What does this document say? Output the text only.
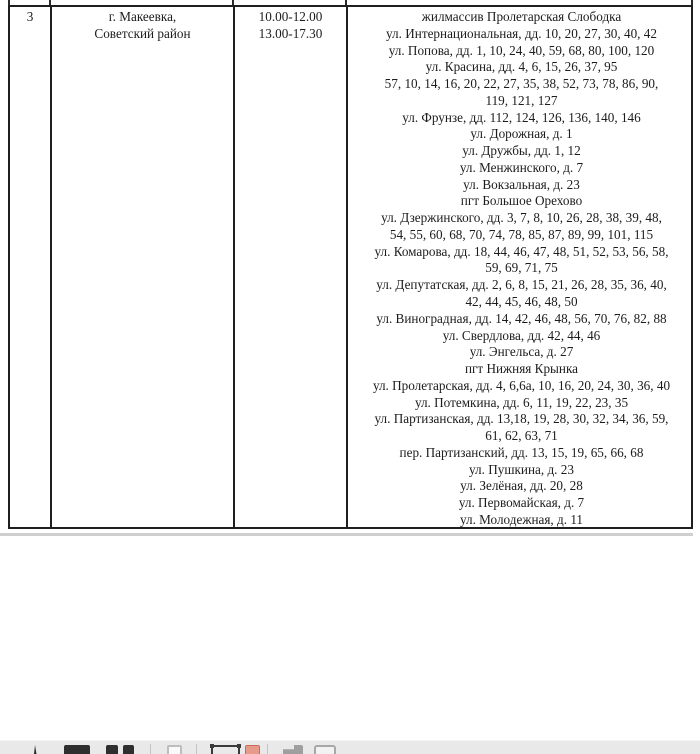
3	г. Макеевка,
Советский район
10.00-12.00
13.00-17.30
жилмассив Пролетарская Слободка
ул. Интернациональная, дд. 10, 20, 27, 30, 40, 42
ул. Попова, дд. 1, 10, 24, 40, 59, 68, 80, 100, 120
ул. Красина, дд. 4, 6, 15, 26, 37, 95
57, 10, 14, 16, 20, 22, 27, 35, 38, 52, 73, 78, 86, 90,
119, 121, 127
ул. Фрунзе, дд. 112, 124, 126, 136, 140, 146
ул. Дорожная, д. 1
ул. Дружбы, дд. 1, 12
ул. Менжинского, д. 7
ул. Вокзальная, д. 23
пгт Большое Орехово
ул. Дзержинского, дд. 3, 7, 8, 10, 26, 28, 38, 39, 48,
54, 55, 60, 68, 70, 74, 78, 85, 87, 89, 99, 101, 115
ул. Комарова, дд. 18, 44, 46, 47, 48, 51, 52, 53, 56, 58,
59, 69, 71, 75
ул. Депутатская, дд. 2, 6, 8, 15, 21, 26, 28, 35, 36, 40,
42, 44, 45, 46, 48, 50
ул. Виноградная, дд. 14, 42, 46, 48, 56, 70, 76, 82, 88
ул. Свердлова, дд. 42, 44, 46
ул. Энгельса, д. 27
пгт Нижняя Крынка
ул. Пролетарская, дд. 4, 6,6а, 10, 16, 20, 24, 30, 36, 40
ул. Потемкина, дд. 6, 11, 19, 22, 23, 35
ул. Партизанская, дд. 13,18, 19, 28, 30, 32, 34, 36, 59,
61, 62, 63, 71
пер. Партизанский, дд. 13, 15, 19, 65, 66, 68
ул. Пушкина, д. 23
ул. Зелёная, дд. 20, 28
ул. Первомайская, д. 7
ул. Молодежная, д. 11
